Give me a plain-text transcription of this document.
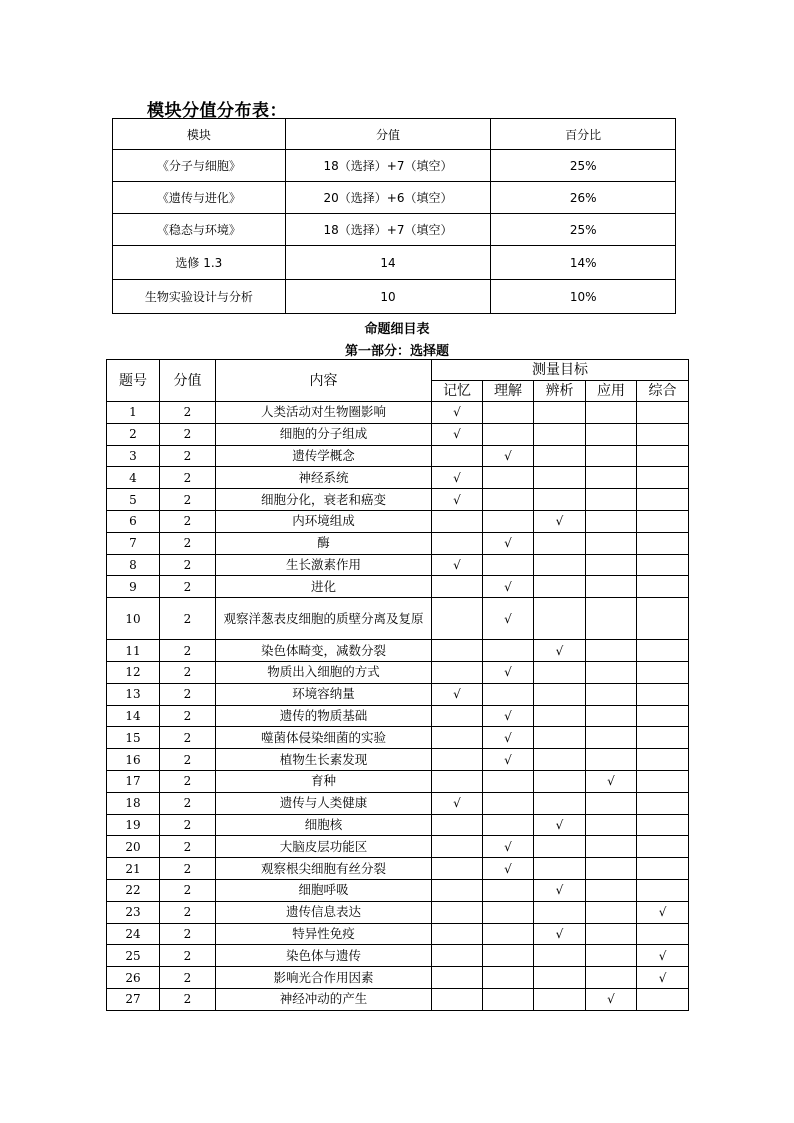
模块分值分布表：
模块	分值	百分比
《分子与细胞》	18（选择）+7（填空）	25%
《遗传与进化》	20（选择）+6（填空）	26%
《稳态与环境》	18（选择）+7（填空）	25%
选修 1.3	14	14%
生物实验设计与分析	10	10%
命题细目表
第一部分：选择题
题号	分值	内容	测量目标				
			记忆	理解	辨析	应用	综合
1	2	人类活动对生物圈影响	√				
2	2	细胞的分子组成	√				
3	2	遗传学概念		√			
4	2	神经系统	√				
5	2	细胞分化，衰老和癌变	√				
6	2	内环境组成			√		
7	2	酶		√			
8	2	生长激素作用	√				
9	2	进化		√			
10	2	观察洋葱表皮细胞的质壁分离及复原		√			
11	2	染色体畸变，减数分裂			√		
12	2	物质出入细胞的方式		√			
13	2	环境容纳量	√				
14	2	遗传的物质基础		√			
15	2	噬菌体侵染细菌的实验		√			
16	2	植物生长素发现		√			
17	2	育种				√	
18	2	遗传与人类健康	√				
19	2	细胞核			√		
20	2	大脑皮层功能区		√			
21	2	观察根尖细胞有丝分裂		√			
22	2	细胞呼吸			√		
23	2	遗传信息表达					√
24	2	特异性免疫			√		
25	2	染色体与遗传					√
26	2	影响光合作用因素					√
27	2	神经冲动的产生				√	
